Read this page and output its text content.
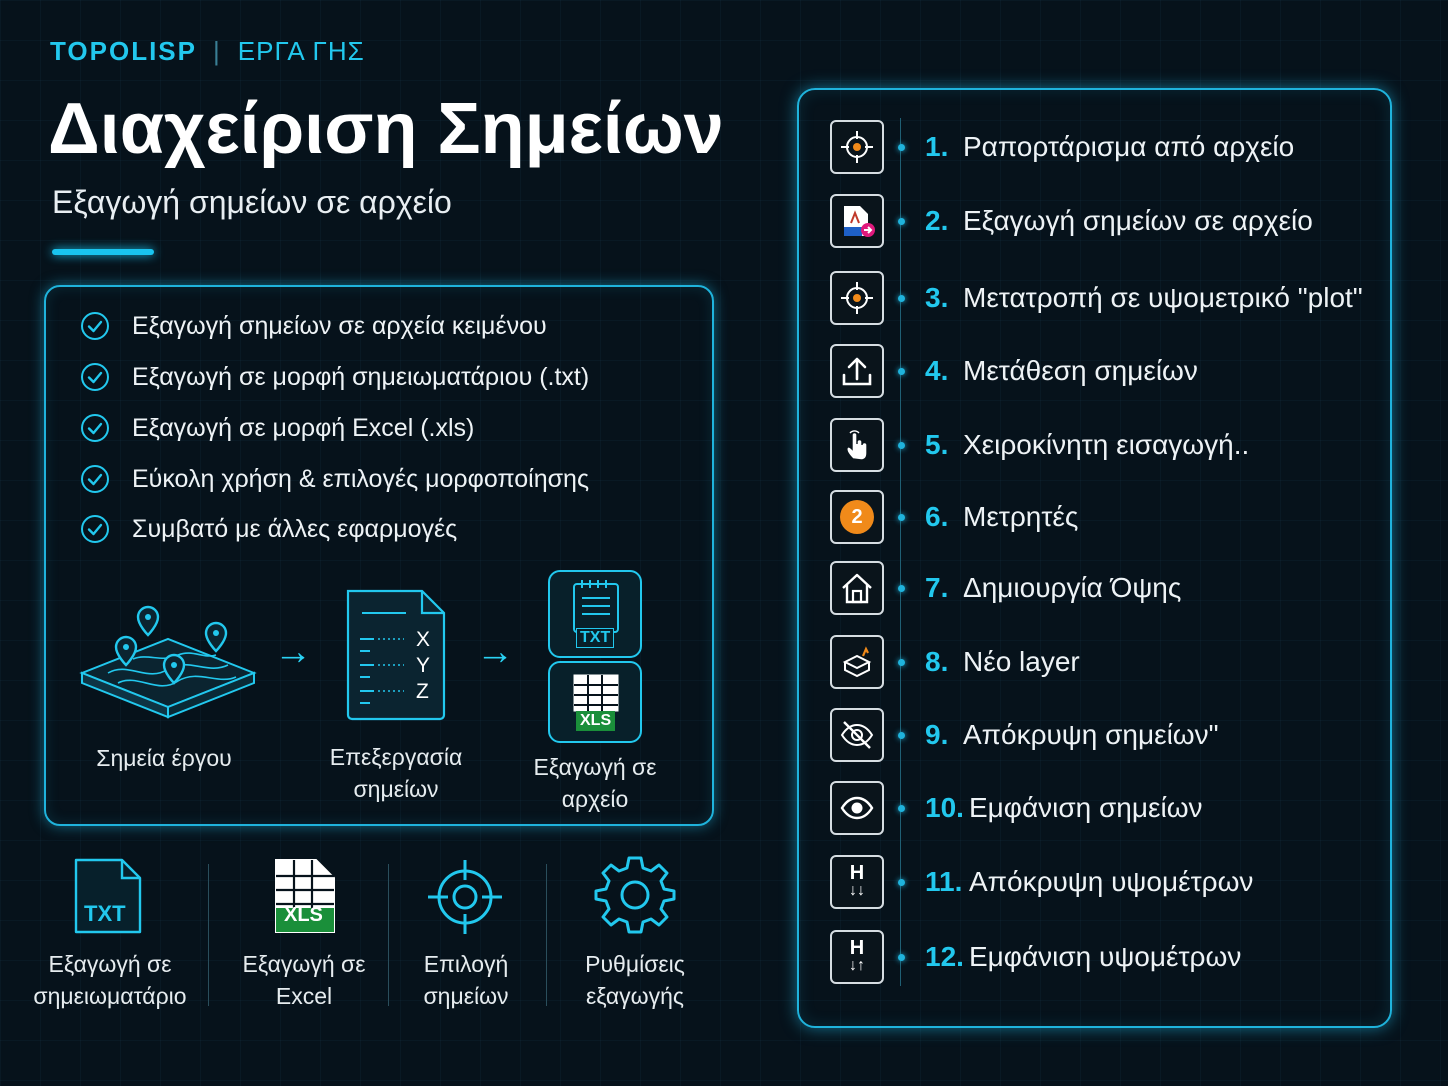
TOPOLISP | ΕΡΓΑ ΓΗΣ
Διαχείριση Σημείων
Εξαγωγή σημείων σε αρχείο
Εξαγωγή σημείων σε αρχεία κειμένου
Εξαγωγή σε μορφή σημειωματάριου (.txt)
Εξαγωγή σε μορφή Excel (.xls)
Εύκολη χρήση & επιλογές μορφοποίησης
Συμβατό με άλλες εφαρμογές
Σημεία έργου
→	X
Y
Z
Επεξεργασία
σημείων
→	TXT
XLS
Εξαγωγή σε
αρχείο
TXT
Εξαγωγή σε
σημειωματάριο
XLS
Εξαγωγή σε
Excel
Επιλογή
σημείων
Ρυθμίσεις
εξαγωγής
1. Ραπορτάρισμα από αρχείο
2. Εξαγωγή σημείων σε αρχείο
3. Μετατροπή σε υψομετρικό "plot"
4. Μετάθεση σημείων
5. Χειροκίνητη εισαγωγή..
2	6. Μετρητές
7. Δημιουργία Όψης
8. Νέο layer
9. Απόκρυψη σημείων"
10. Εμφάνιση σημείων
H
↓↓ 11. Απόκρυψη υψομέτρων
H
↓↑ 12. Εμφάνιση υψομέτρων
